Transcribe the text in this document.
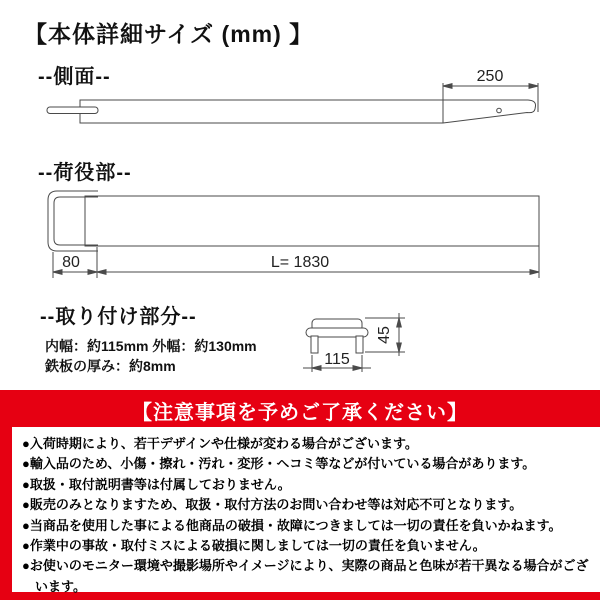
【本体詳細サイズ (mm) 】
--側面--
--荷役部--
--取り付け部分--
内幅：約115mm 外幅：約130mm
鉄板の厚み：約8mm
250
80	L= 1830
115
45
【注意事項を予めご了承ください】
●入荷時期により、若干デザインや仕様が変わる場合がございます。
●輸入品のため、小傷・擦れ・汚れ・変形・ヘコミ等などが付いている場合があります。
●取扱・取付説明書等は付属しておりません。
●販売のみとなりますため、取扱・取付方法のお問い合わせ等は対応不可となります。
●当商品を使用した事による他商品の破損・故障につきましては一切の責任を負いかねます。
●作業中の事故・取付ミスによる破損に関しましては一切の責任を負いません。
●お使いのモニター環境や撮影場所やイメージにより、実際の商品と色味が若干異なる場合がございます。
